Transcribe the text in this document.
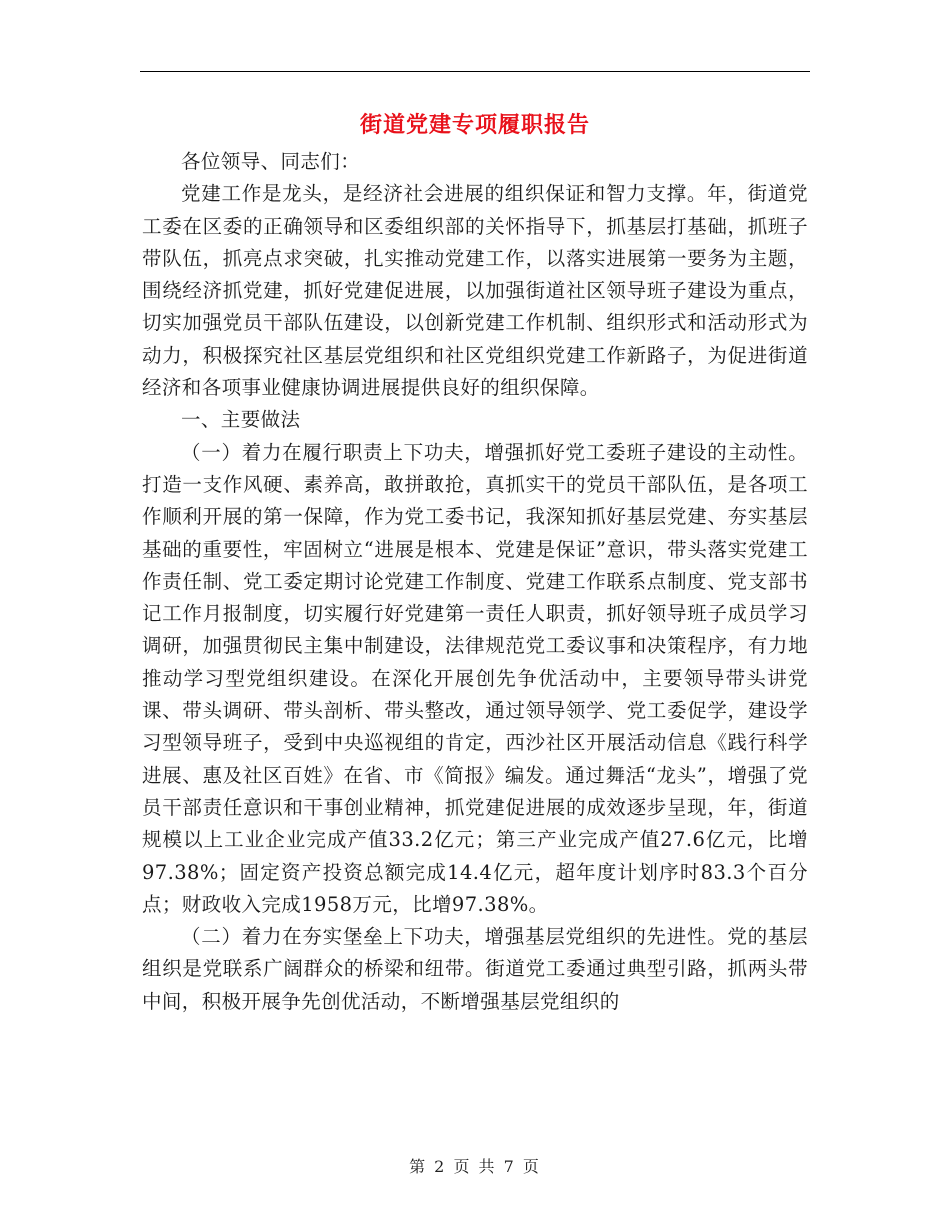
街道党建专项履职报告

各位领导、同志们：

党建工作是龙头，是经济社会进展的组织保证和智力支撑。年，街道党工委在区委的正确领导和区委组织部的关怀指导下，抓基层打基础，抓班子带队伍，抓亮点求突破，扎实推动党建工作，以落实进展第一要务为主题，围绕经济抓党建，抓好党建促进展，以加强街道社区领导班子建设为重点，切实加强党员干部队伍建设，以创新党建工作机制、组织形式和活动形式为动力，积极探究社区基层党组织和社区党组织党建工作新路子，为促进街道经济和各项事业健康协调进展提供良好的组织保障。

一、主要做法

（一）着力在履行职责上下功夫，增强抓好党工委班子建设的主动性。打造一支作风硬、素养高，敢拼敢抢，真抓实干的党员干部队伍，是各项工作顺利开展的第一保障，作为党工委书记，我深知抓好基层党建、夯实基层基础的重要性，牢固树立“进展是根本、党建是保证”意识，带头落实党建工作责任制、党工委定期讨论党建工作制度、党建工作联系点制度、党支部书记工作月报制度，切实履行好党建第一责任人职责，抓好领导班子成员学习调研，加强贯彻民主集中制建设，法律规范党工委议事和决策程序，有力地推动学习型党组织建设。在深化开展创先争优活动中，主要领导带头讲党课、带头调研、带头剖析、带头整改，通过领导领学、党工委促学，建设学习型领导班子，受到中央巡视组的肯定，西沙社区开展活动信息《践行科学进展、惠及社区百姓》在省、市《简报》编发。通过舞活“龙头”，增强了党员干部责任意识和干事创业精神，抓党建促进展的成效逐步呈现，年，街道规模以上工业企业完成产值33.2亿元；第三产业完成产值27.6亿元，比增97.38%；固定资产投资总额完成14.4亿元，超年度计划序时83.3个百分点；财政收入完成1958万元，比增97.38%。

（二）着力在夯实堡垒上下功夫，增强基层党组织的先进性。党的基层组织是党联系广阔群众的桥梁和纽带。街道党工委通过典型引路，抓两头带中间，积极开展争先创优活动，不断增强基层党组织的

第 2 页 共 7 页
